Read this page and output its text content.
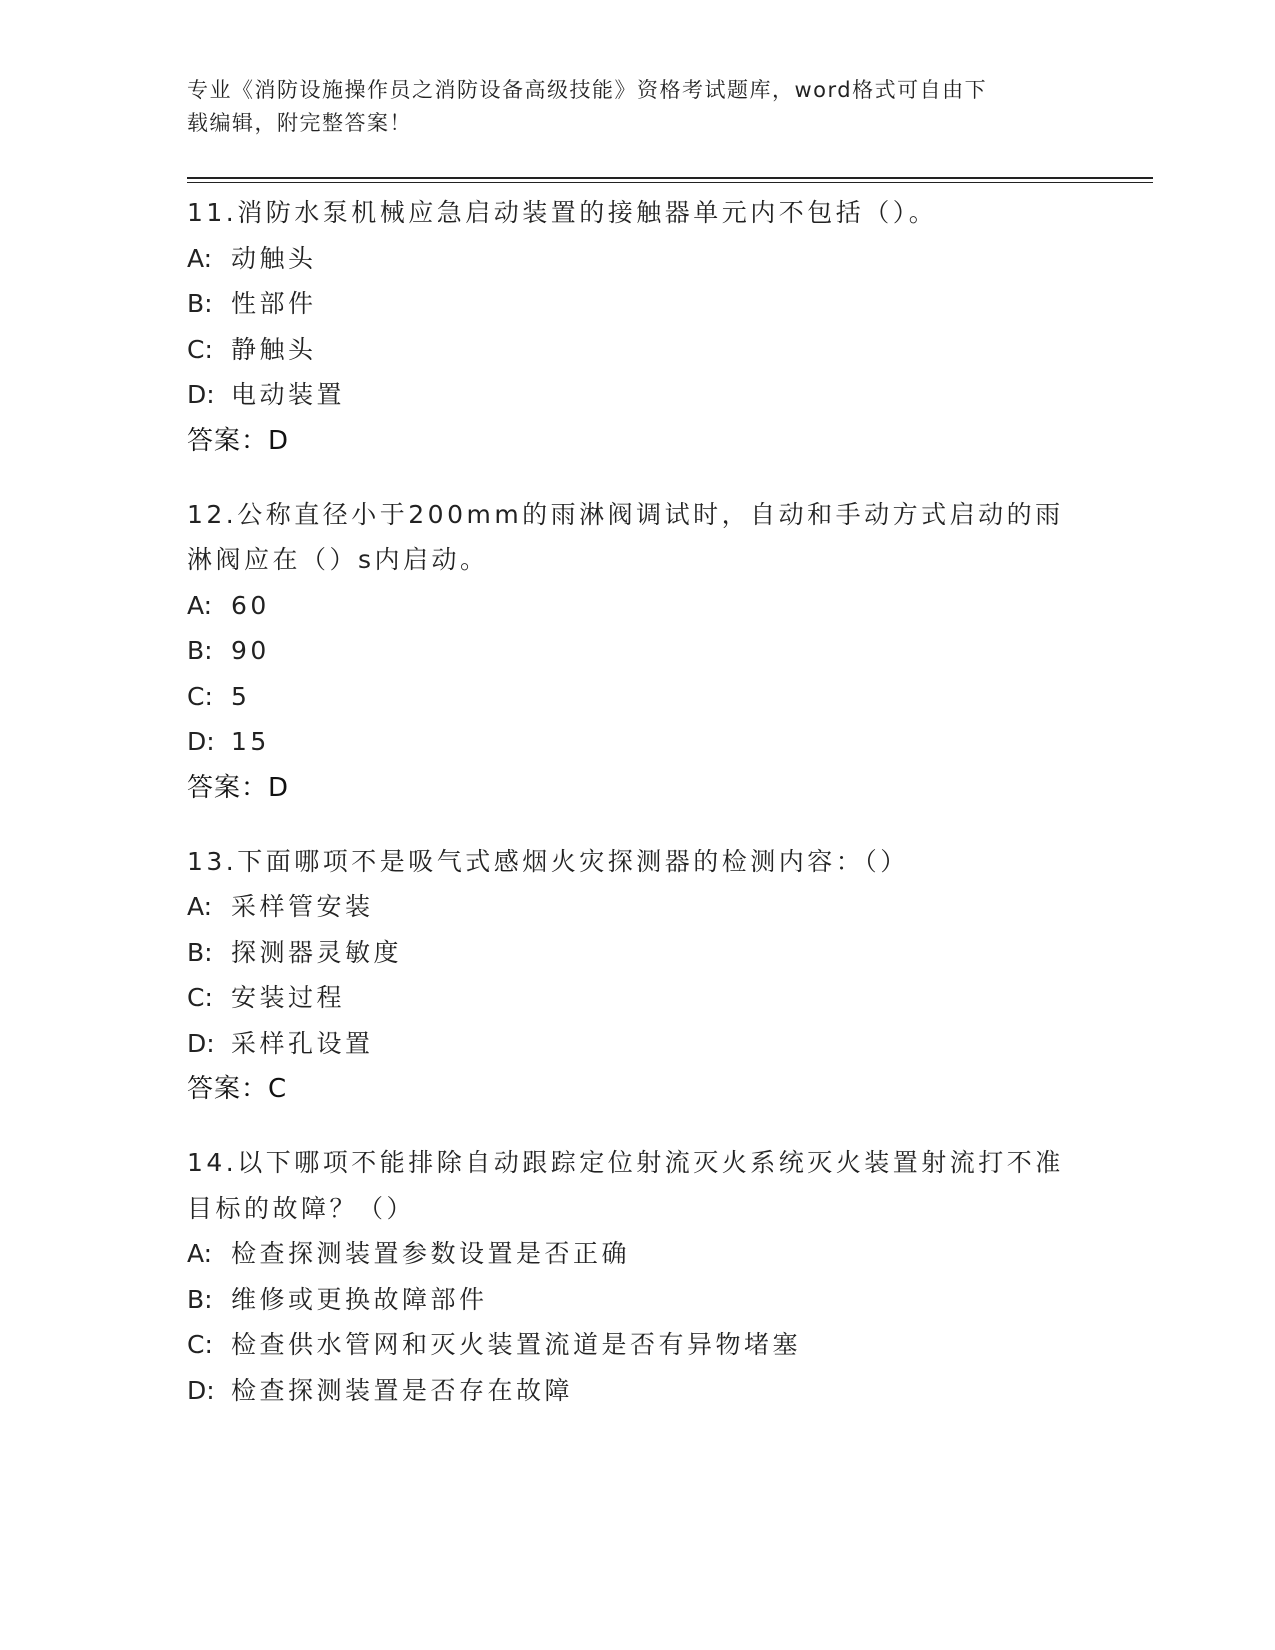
专业《消防设施操作员之消防设备高级技能》资格考试题库，word格式可自由下
载编辑，附完整答案！
11.消防水泵机械应急启动装置的接触器单元内不包括（）。
A: 动触头
B: 性部件
C: 静触头
D: 电动装置
答案：D
12.公称直径小于200mm的雨淋阀调试时，自动和手动方式启动的雨淋阀应在（）s内启动。
A: 60
B: 90
C: 5
D: 15
答案：D
13.下面哪项不是吸气式感烟火灾探测器的检测内容：（）
A: 采样管安装
B: 探测器灵敏度
C: 安装过程
D: 采样孔设置
答案：C
14.以下哪项不能排除自动跟踪定位射流灭火系统灭火装置射流打不准目标的故障？（）
A: 检查探测装置参数设置是否正确
B: 维修或更换故障部件
C: 检查供水管网和灭火装置流道是否有异物堵塞
D: 检查探测装置是否存在故障
